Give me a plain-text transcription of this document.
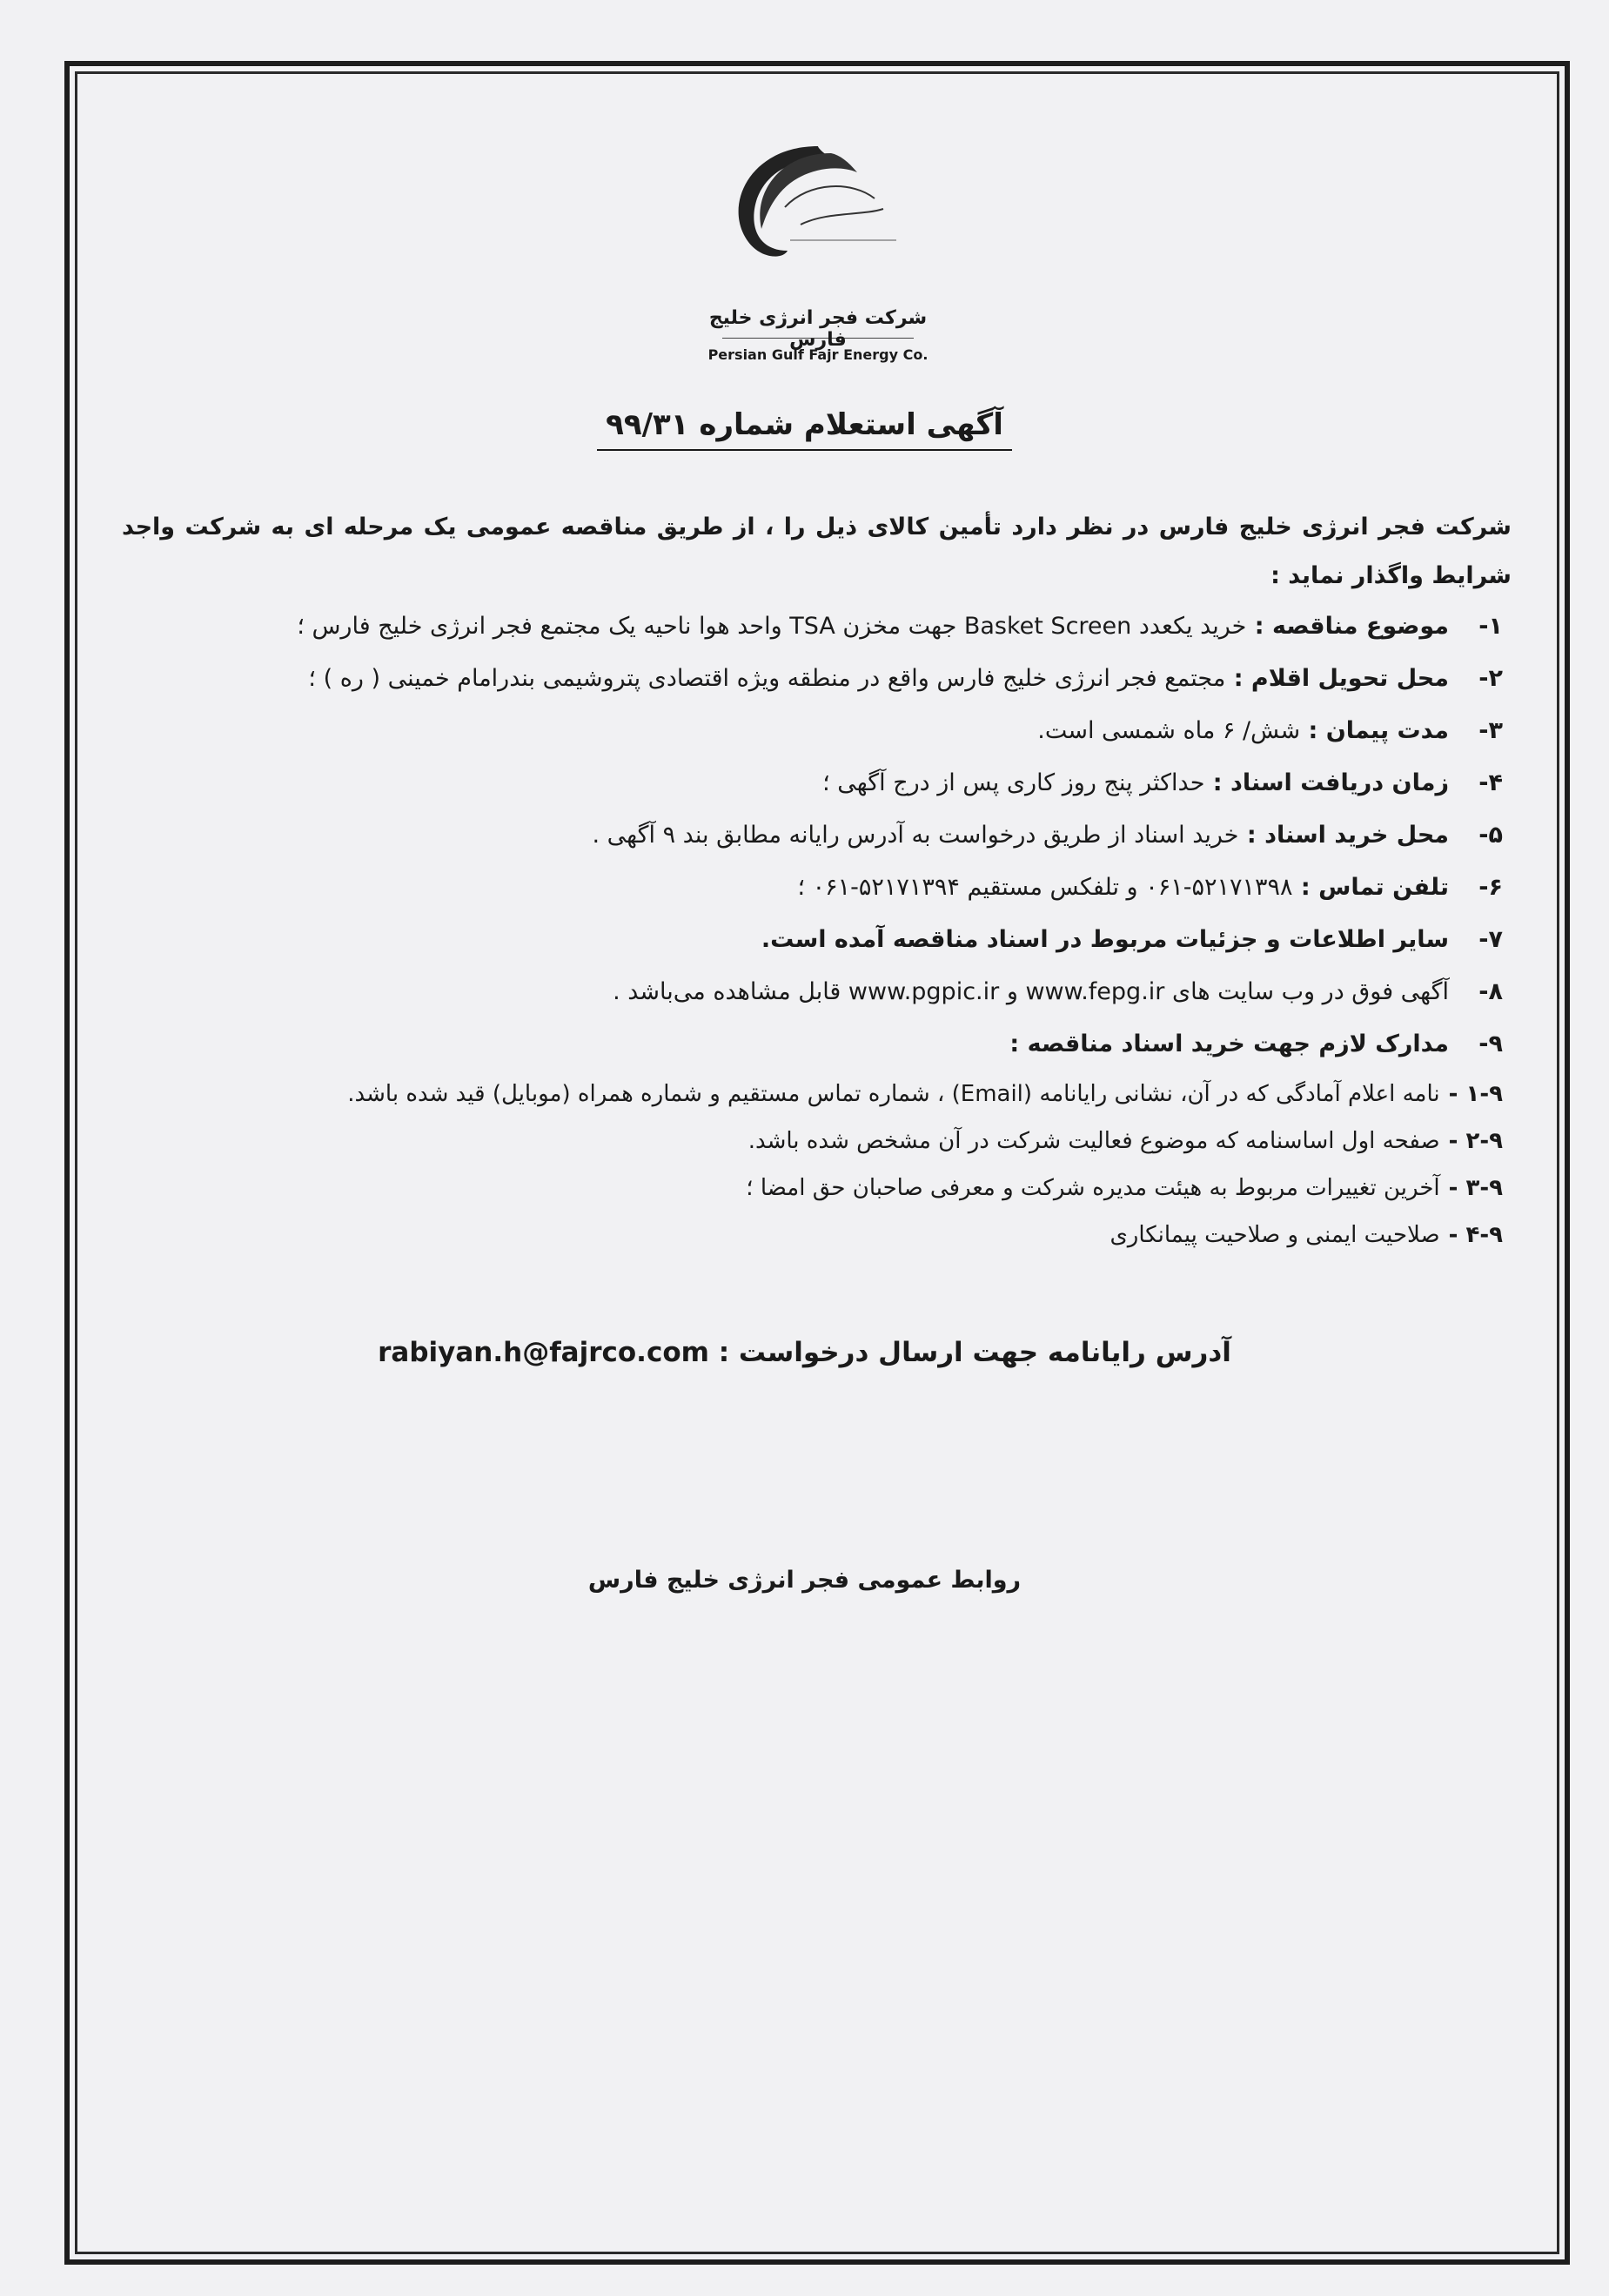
شرکت فجر انرژی خلیج فارس
Persian Gulf Fajr Energy Co.
آگهی استعلام شماره ۹۹/۳۱
شرکت فجر انرژی خلیج فارس در نظر دارد تأمین کالای ذیل را ، از طریق مناقصه عمومی یک مرحله ای به شرکت واجد شرایط واگذار نماید :
۱-موضوع مناقصه : خرید یکعدد Basket Screen جهت مخزن TSA واحد هوا ناحیه یک مجتمع فجر انرژی خلیج فارس ؛
۲-محل تحویل اقلام : مجتمع فجر انرژی خلیج فارس واقع در منطقه ویژه اقتصادی پتروشیمی بندرامام خمینی ( ره ) ؛
۳-مدت پیمان : شش/ ۶ ماه شمسی است.
۴-زمان دریافت اسناد : حداکثر پنج روز کاری پس از درج آگهی ؛
۵-محل خرید اسناد : خرید اسناد از طریق درخواست به آدرس رایانه مطابق بند ۹ آگهی .
۶-تلفن تماس : ۵۲۱۷۱۳۹۸-۰۶۱ و تلفکس مستقیم ۵۲۱۷۱۳۹۴-۰۶۱ ؛
۷-سایر اطلاعات و جزئیات مربوط در اسناد مناقصه آمده است.
۸-آگهی فوق در وب سایت های www.fepg.ir و www.pgpic.ir قابل مشاهده می‌باشد .
۹-مدارک لازم جهت خرید اسناد مناقصه :
۱-۹ -نامه اعلام آمادگی که در آن، نشانی رایانامه (Email) ، شماره تماس مستقیم و شماره همراه (موبایل) قید شده باشد.
۲-۹ -صفحه اول اساسنامه که موضوع فعالیت شرکت در آن مشخص شده باشد.
۳-۹ -آخرین تغییرات مربوط به هیئت مدیره شرکت و معرفی صاحبان حق امضا ؛
۴-۹ -صلاحیت ایمنی و صلاحیت پیمانکاری
آدرس رایانامه جهت ارسال درخواست : rabiyan.h@fajrco.com
روابط عمومی فجر انرژی خلیج فارس
